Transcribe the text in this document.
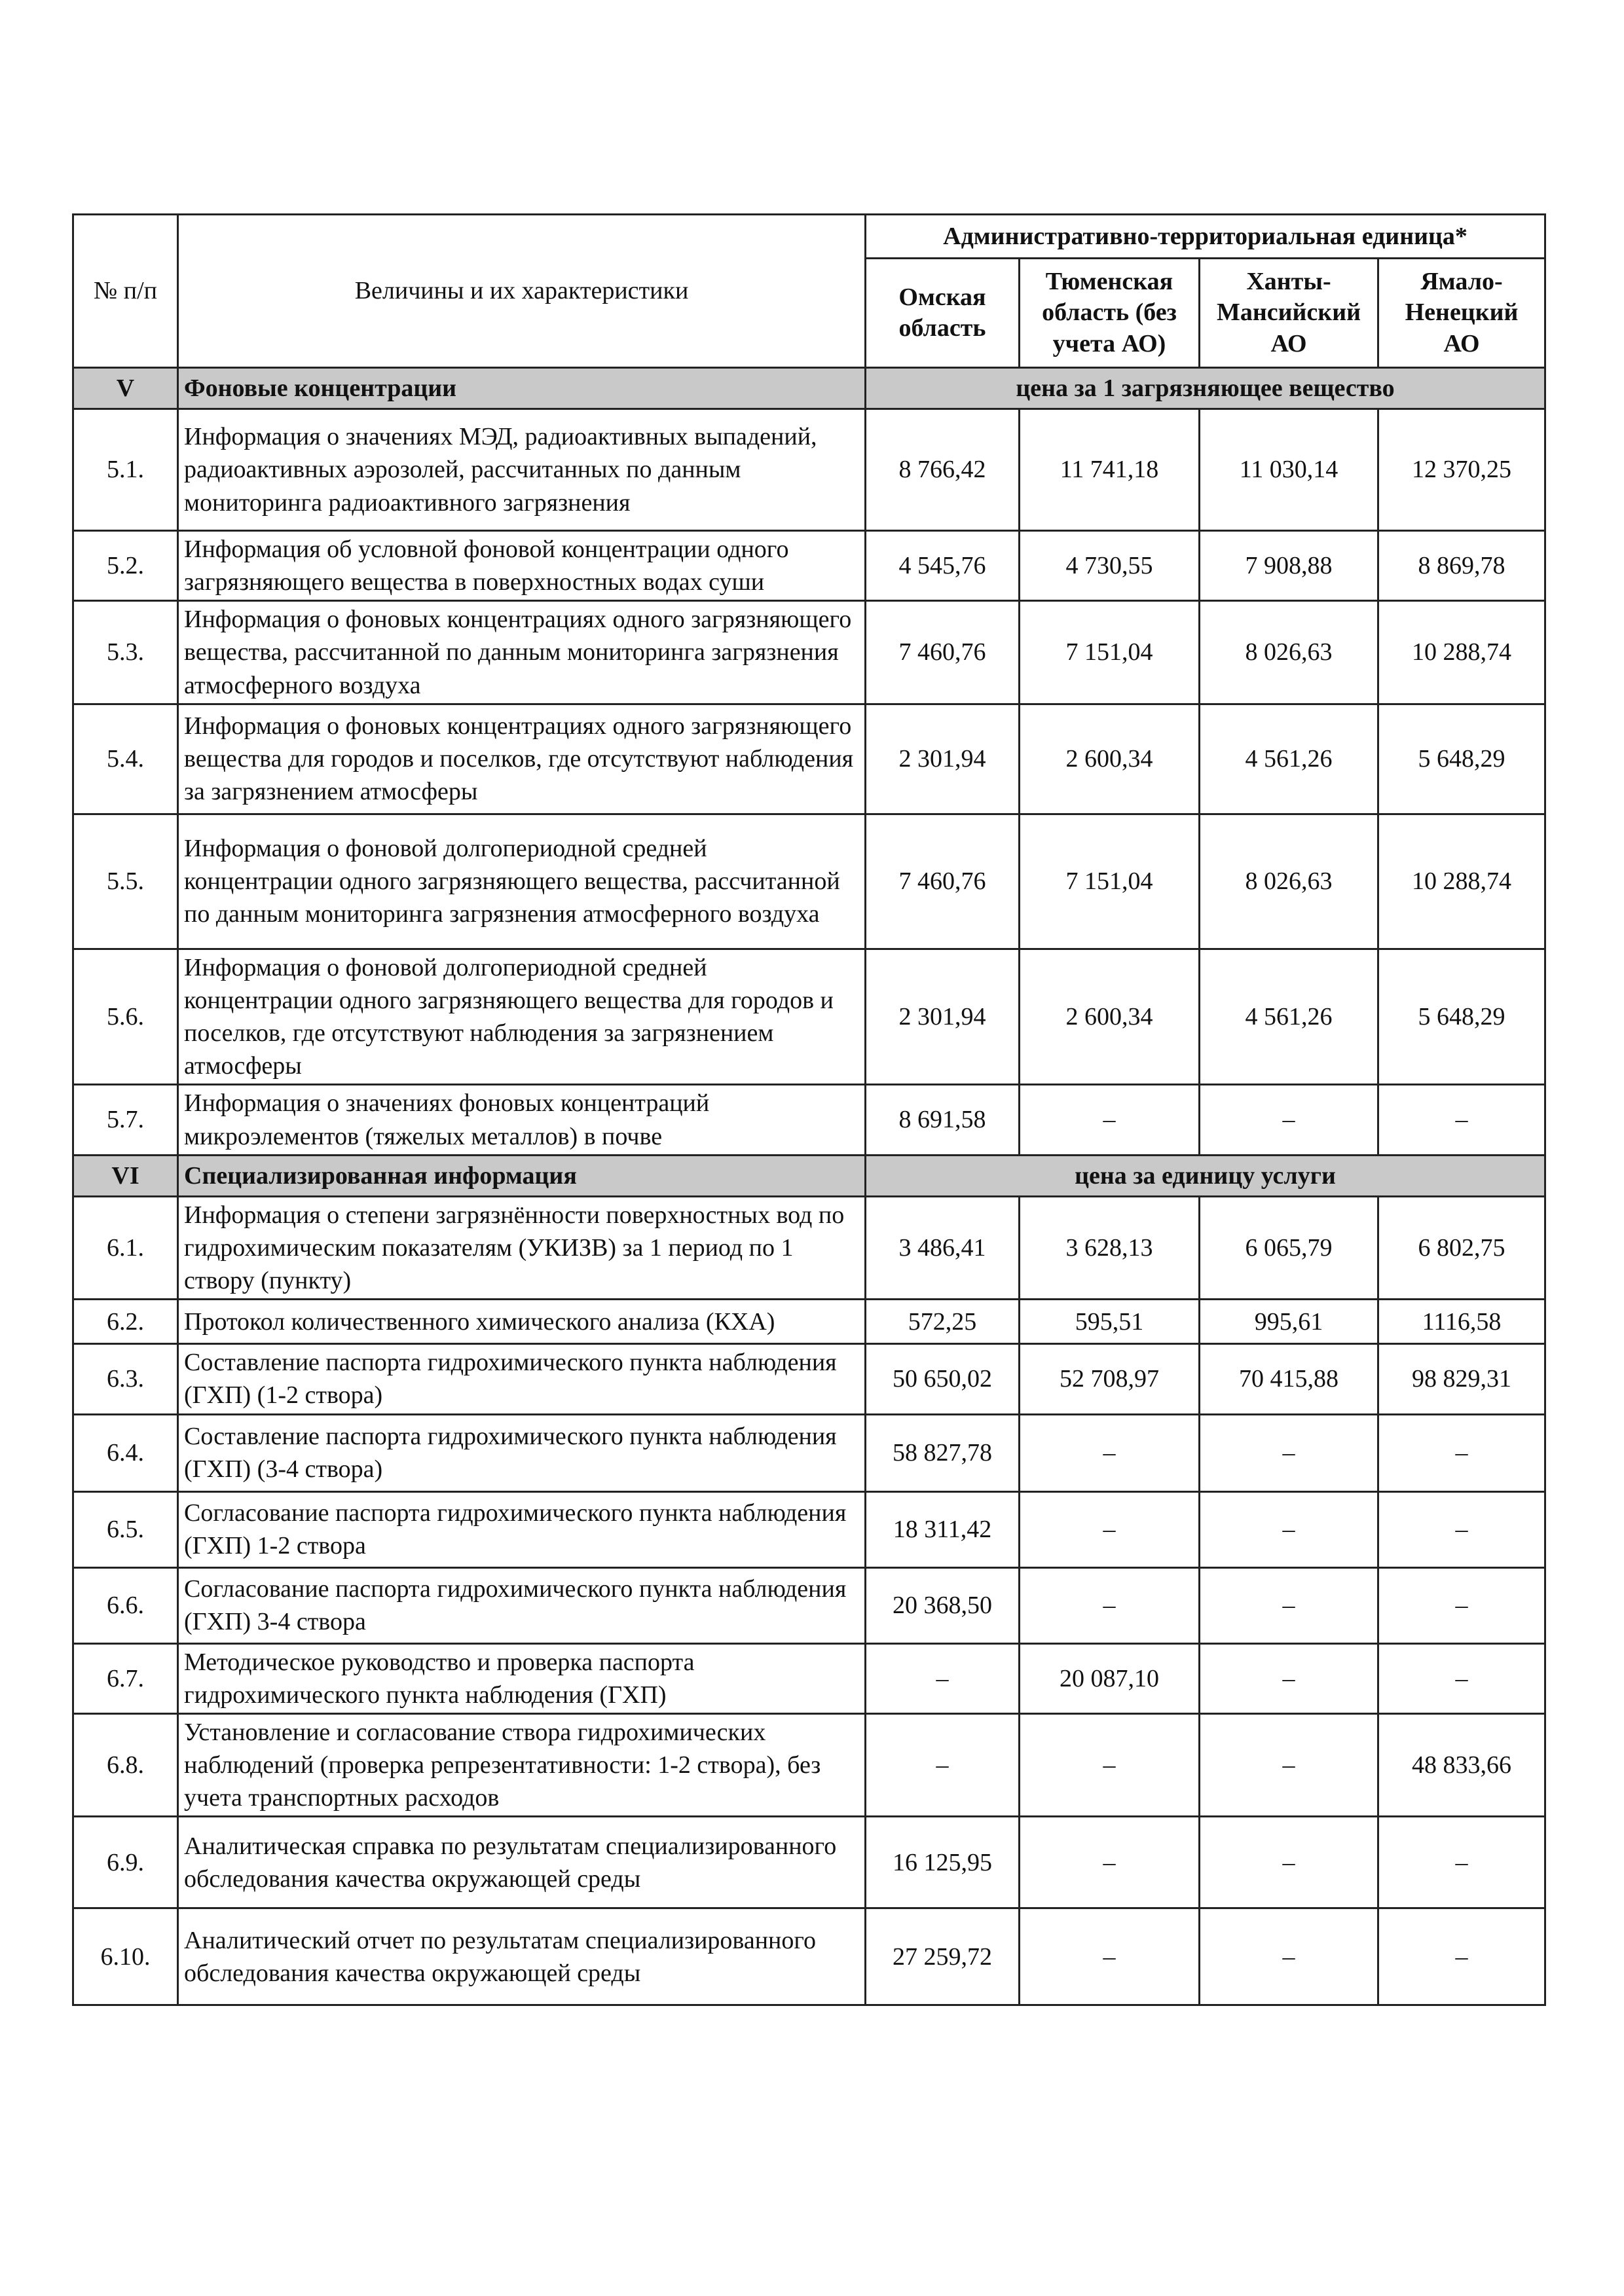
№ п/п	Величины и их характеристики	Административно-территориальная единица*			
		Омская область	Тюменская область (без учета АО)	Ханты-Мансийский АО	Ямало-Ненецкий АО
V	Фоновые концентрации	цена за 1 загрязняющее вещество			
5.1.	Информация о значениях МЭД, радиоактивных выпадений, радиоактивных аэрозолей, рассчитанных по данным мониторинга радиоактивного загрязнения	8 766,42	11 741,18	11 030,14	12 370,25
5.2.	Информация об условной фоновой концентрации одного загрязняющего вещества в поверхностных водах суши	4 545,76	4 730,55	7 908,88	8 869,78
5.3.	Информация о фоновых концентрациях одного загрязняющего вещества, рассчитанной по данным мониторинга загрязнения атмосферного воздуха	7 460,76	7 151,04	8 026,63	10 288,74
5.4.	Информация о фоновых концентрациях одного загрязняющего вещества для городов и поселков, где отсутствуют наблюдения за загрязнением атмосферы	2 301,94	2 600,34	4 561,26	5 648,29
5.5.	Информация о фоновой долгопериодной средней концентрации одного загрязняющего вещества, рассчитанной по данным мониторинга загрязнения атмосферного воздуха	7 460,76	7 151,04	8 026,63	10 288,74
5.6.	Информация о фоновой долгопериодной средней концентрации одного загрязняющего вещества для городов и поселков, где отсутствуют наблюдения за загрязнением атмосферы	2 301,94	2 600,34	4 561,26	5 648,29
5.7.	Информация о значениях фоновых концентраций микроэлементов (тяжелых металлов) в почве	8 691,58	–	–	–
VI	Специализированная информация	цена за единицу услуги			
6.1.	Информация о степени загрязнённости поверхностных вод по гидрохимическим показателям (УКИЗВ) за 1 период по 1 створу (пункту)	3 486,41	3 628,13	6 065,79	6 802,75
6.2.	Протокол количественного химического анализа (КХА)	572,25	595,51	995,61	1116,58
6.3.	Составление паспорта гидрохимического пункта наблюдения (ГХП) (1-2 створа)	50 650,02	52 708,97	70 415,88	98 829,31
6.4.	Составление паспорта гидрохимического пункта наблюдения (ГХП) (3-4 створа)	58 827,78	–	–	–
6.5.	Согласование паспорта гидрохимического пункта наблюдения (ГХП) 1-2 створа	18 311,42	–	–	–
6.6.	Согласование паспорта гидрохимического пункта наблюдения (ГХП) 3-4 створа	20 368,50	–	–	–
6.7.	Методическое руководство и проверка паспорта гидрохимического пункта наблюдения (ГХП)	–	20 087,10	–	–
6.8.	Установление и согласование створа гидрохимических наблюдений (проверка репрезентативности: 1-2 створа), без учета транспортных расходов	–	–	–	48 833,66
6.9.	Аналитическая справка по результатам специализированного обследования качества окружающей среды	16 125,95	–	–	–
6.10.	Аналитический отчет по результатам специализированного обследования качества окружающей среды	27 259,72	–	–	–
